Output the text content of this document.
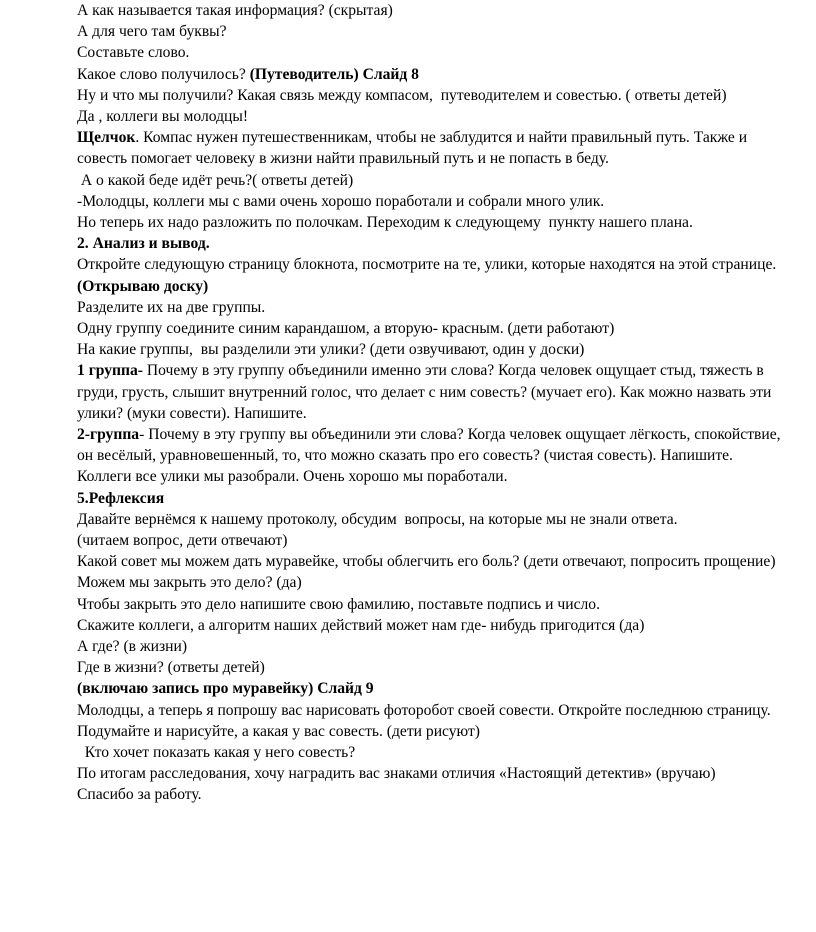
А как называется такая информация? (скрытая)
А для чего там буквы?
Составьте слово.
Какое слово получилось? (Путеводитель) Слайд 8
Ну и что мы получили? Какая связь между компасом,  путеводителем и совестью. ( ответы детей)
Да , коллеги вы молодцы!
Щелчок. Компас нужен путешественникам, чтобы не заблудится и найти правильный путь. Также и
совесть помогает человеку в жизни найти правильный путь и не попасть в беду.
А о какой беде идёт речь?( ответы детей)
-Молодцы, коллеги мы с вами очень хорошо поработали и собрали много улик.
Но теперь их надо разложить по полочкам. Переходим к следующему  пункту нашего плана.
2. Анализ и вывод.
Откройте следующую страницу блокнота, посмотрите на те, улики, которые находятся на этой странице.
(Открываю доску)
Разделите их на две группы.
Одну группу соедините синим карандашом, а вторую- красным. (дети работают)
На какие группы,  вы разделили эти улики? (дети озвучивают, один у доски)
1 группа- Почему в эту группу объединили именно эти слова? Когда человек ощущает стыд, тяжесть в
груди, грусть, слышит внутренний голос, что делает с ним совесть? (мучает его). Как можно назвать эти
улики? (муки совести). Напишите.
2-группа- Почему в эту группу вы объединили эти слова? Когда человек ощущает лёгкость, спокойствие,
он весёлый, уравновешенный, то, что можно сказать про его совесть? (чистая совесть). Напишите.
Коллеги все улики мы разобрали. Очень хорошо мы поработали.
5.Рефлексия
Давайте вернёмся к нашему протоколу, обсудим  вопросы, на которые мы не знали ответа.
(читаем вопрос, дети отвечают)
Какой совет мы можем дать муравейке, чтобы облегчить его боль? (дети отвечают, попросить прощение)
Можем мы закрыть это дело? (да)
Чтобы закрыть это дело напишите свою фамилию, поставьте подпись и число.
Скажите коллеги, а алгоритм наших действий может нам где- нибудь пригодится (да)
А где? (в жизни)
Где в жизни? (ответы детей)
(включаю запись про муравейку) Слайд 9
Молодцы, а теперь я попрошу вас нарисовать фоторобот своей совести. Откройте последнюю страницу.
Подумайте и нарисуйте, а какая у вас совесть. (дети рисуют)
Кто хочет показать какая у него совесть?
По итогам расследования, хочу наградить вас знаками отличия «Настоящий детектив» (вручаю)
Спасибо за работу.
